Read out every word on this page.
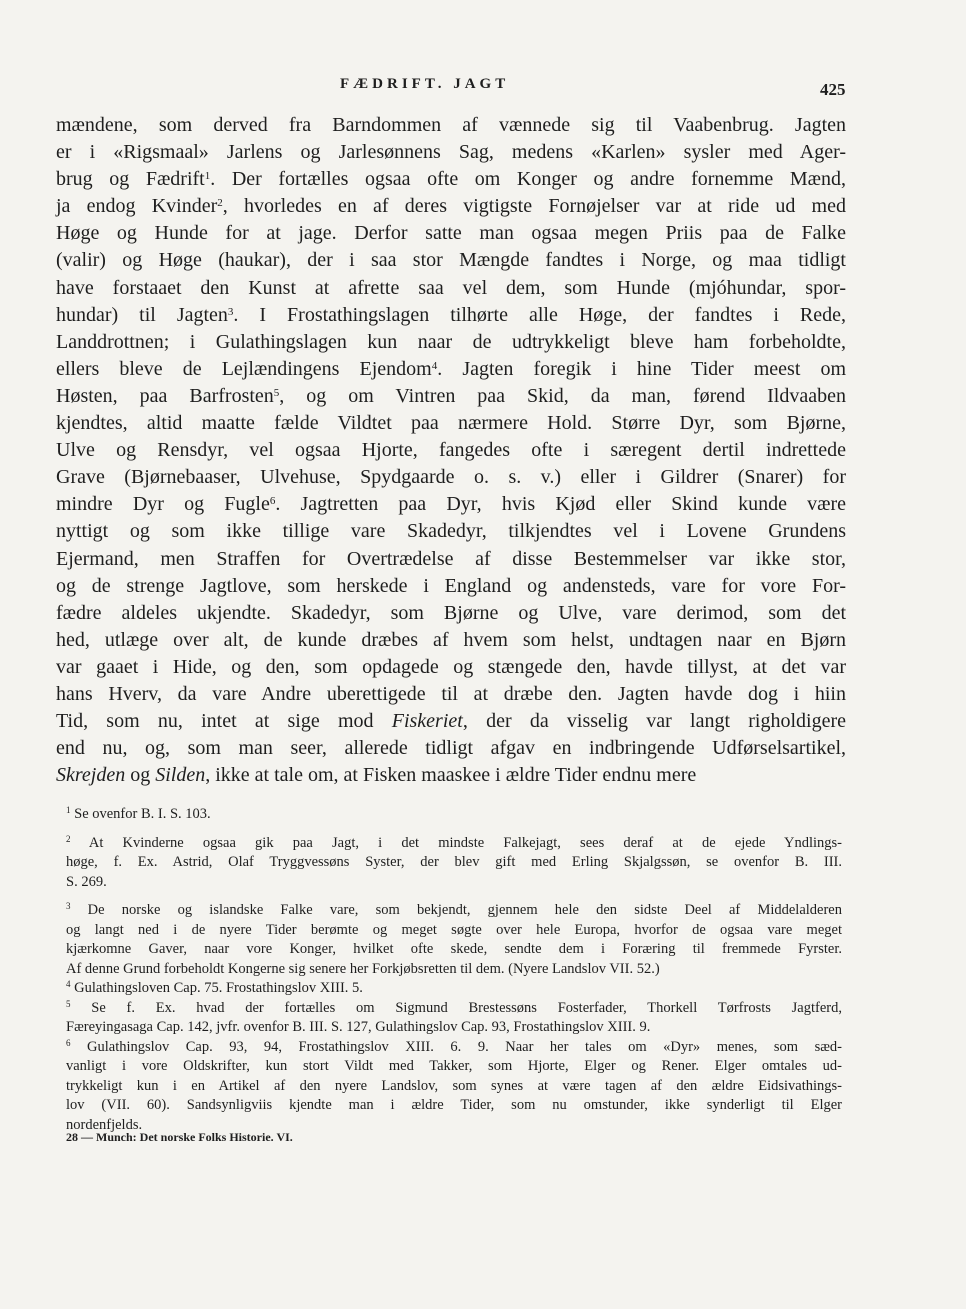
FÆDRIFT. JAGT	425
mændene, som derved fra Barndommen af vænnede sig til Vaabenbrug. Jagten
er i «Rigsmaal» Jarlens og Jarlesønnens Sag, medens «Karlen» sysler med Ager-
brug og Fædrift$^1$. Der fortælles ogsaa ofte om Konger og andre fornemme Mænd,
ja endog Kvinder$^2$, hvorledes en af deres vigtigste Fornøjelser var at ride ud med
Høge og Hunde for at jage. Derfor satte man ogsaa megen Priis paa de Falke
(valir) og Høge (haukar), der i saa stor Mængde fandtes i Norge, og maa tidligt
have forstaaet den Kunst at afrette saa vel dem, som Hunde (mjóhundar, spor-
hundar) til Jagten$^3$. I Frostathingslagen tilhørte alle Høge, der fandtes i Rede,
Landdrottnen; i Gulathingslagen kun naar de udtrykkeligt bleve ham forbeholdte,
ellers bleve de Lejlændingens Ejendom$^4$. Jagten foregik i hine Tider meest om
Høsten, paa Barfrosten$^5$, og om Vintren paa Skid, da man, førend Ildvaaben
kjendtes, altid maatte fælde Vildtet paa nærmere Hold. Større Dyr, som Bjørne,
Ulve og Rensdyr, vel ogsaa Hjorte, fangedes ofte i særegent dertil indrettede
Grave (Bjørnebaaser, Ulvehuse, Spydgaarde o. s. v.) eller i Gildrer (Snarer) for
mindre Dyr og Fugle$^6$. Jagtretten paa Dyr, hvis Kjød eller Skind kunde være
nyttigt og som ikke tillige vare Skadedyr, tilkjendtes vel i Lovene Grundens
Ejermand, men Straffen for Overtrædelse af disse Bestemmelser var ikke stor,
og de strenge Jagtlove, som herskede i England og andensteds, vare for vore For-
fædre aldeles ukjendte. Skadedyr, som Bjørne og Ulve, vare derimod, som det
hed, utlæge over alt, de kunde dræbes af hvem som helst, undtagen naar en Bjørn
var gaaet i Hide, og den, som opdagede og stængede den, havde tillyst, at det var
hans Hverv, da vare Andre uberettigede til at dræbe den. Jagten havde dog i hiin
Tid, som nu, intet at sige mod Fiskeriet, der da visselig var langt righoldigere
end nu, og, som man seer, allerede tidligt afgav en indbringende Udførselsartikel,
Skrejden og Silden, ikke at tale om, at Fisken maaskee i ældre Tider endnu mere
$^1$ Se ovenfor B. I. S. 103.
$^2$ At Kvinderne ogsaa gik paa Jagt, i det mindste Falkejagt, sees deraf at de ejede Yndlings-
høge, f. Ex. Astrid, Olaf Tryggvessøns Syster, der blev gift med Erling Skjalgssøn, se ovenfor B. III.
S. 269.
$^3$ De norske og islandske Falke vare, som bekjendt, gjennem hele den sidste Deel af Middelalderen
og langt ned i de nyere Tider berømte og meget søgte over hele Europa, hvorfor de ogsaa vare meget
kjærkomne Gaver, naar vore Konger, hvilket ofte skede, sendte dem i Foræring til fremmede Fyrster.
Af denne Grund forbeholdt Kongerne sig senere her Forkjøbsretten til dem. (Nyere Landslov VII. 52.)
$^4$ Gulathingsloven Cap. 75. Frostathingslov XIII. 5.
$^5$ Se f. Ex. hvad der fortælles om Sigmund Brestessøns Fosterfader, Thorkell Tørfrosts Jagtferd,
Færeyingasaga Cap. 142, jvfr. ovenfor B. III. S. 127, Gulathingslov Cap. 93, Frostathingslov XIII. 9.
$^6$ Gulathingslov Cap. 93, 94, Frostathingslov XIII. 6. 9. Naar her tales om «Dyr» menes, som sæd-
vanligt i vore Oldskrifter, kun stort Vildt med Takker, som Hjorte, Elger og Rener. Elger omtales ud-
trykkeligt kun i en Artikel af den nyere Landslov, som synes at være tagen af den ældre Eidsivathings-
lov (VII. 60). Sandsynligviis kjendte man i ældre Tider, som nu omstunder, ikke synderligt til Elger
nordenfjelds.
28 — Munch: Det norske Folks Historie. VI.
